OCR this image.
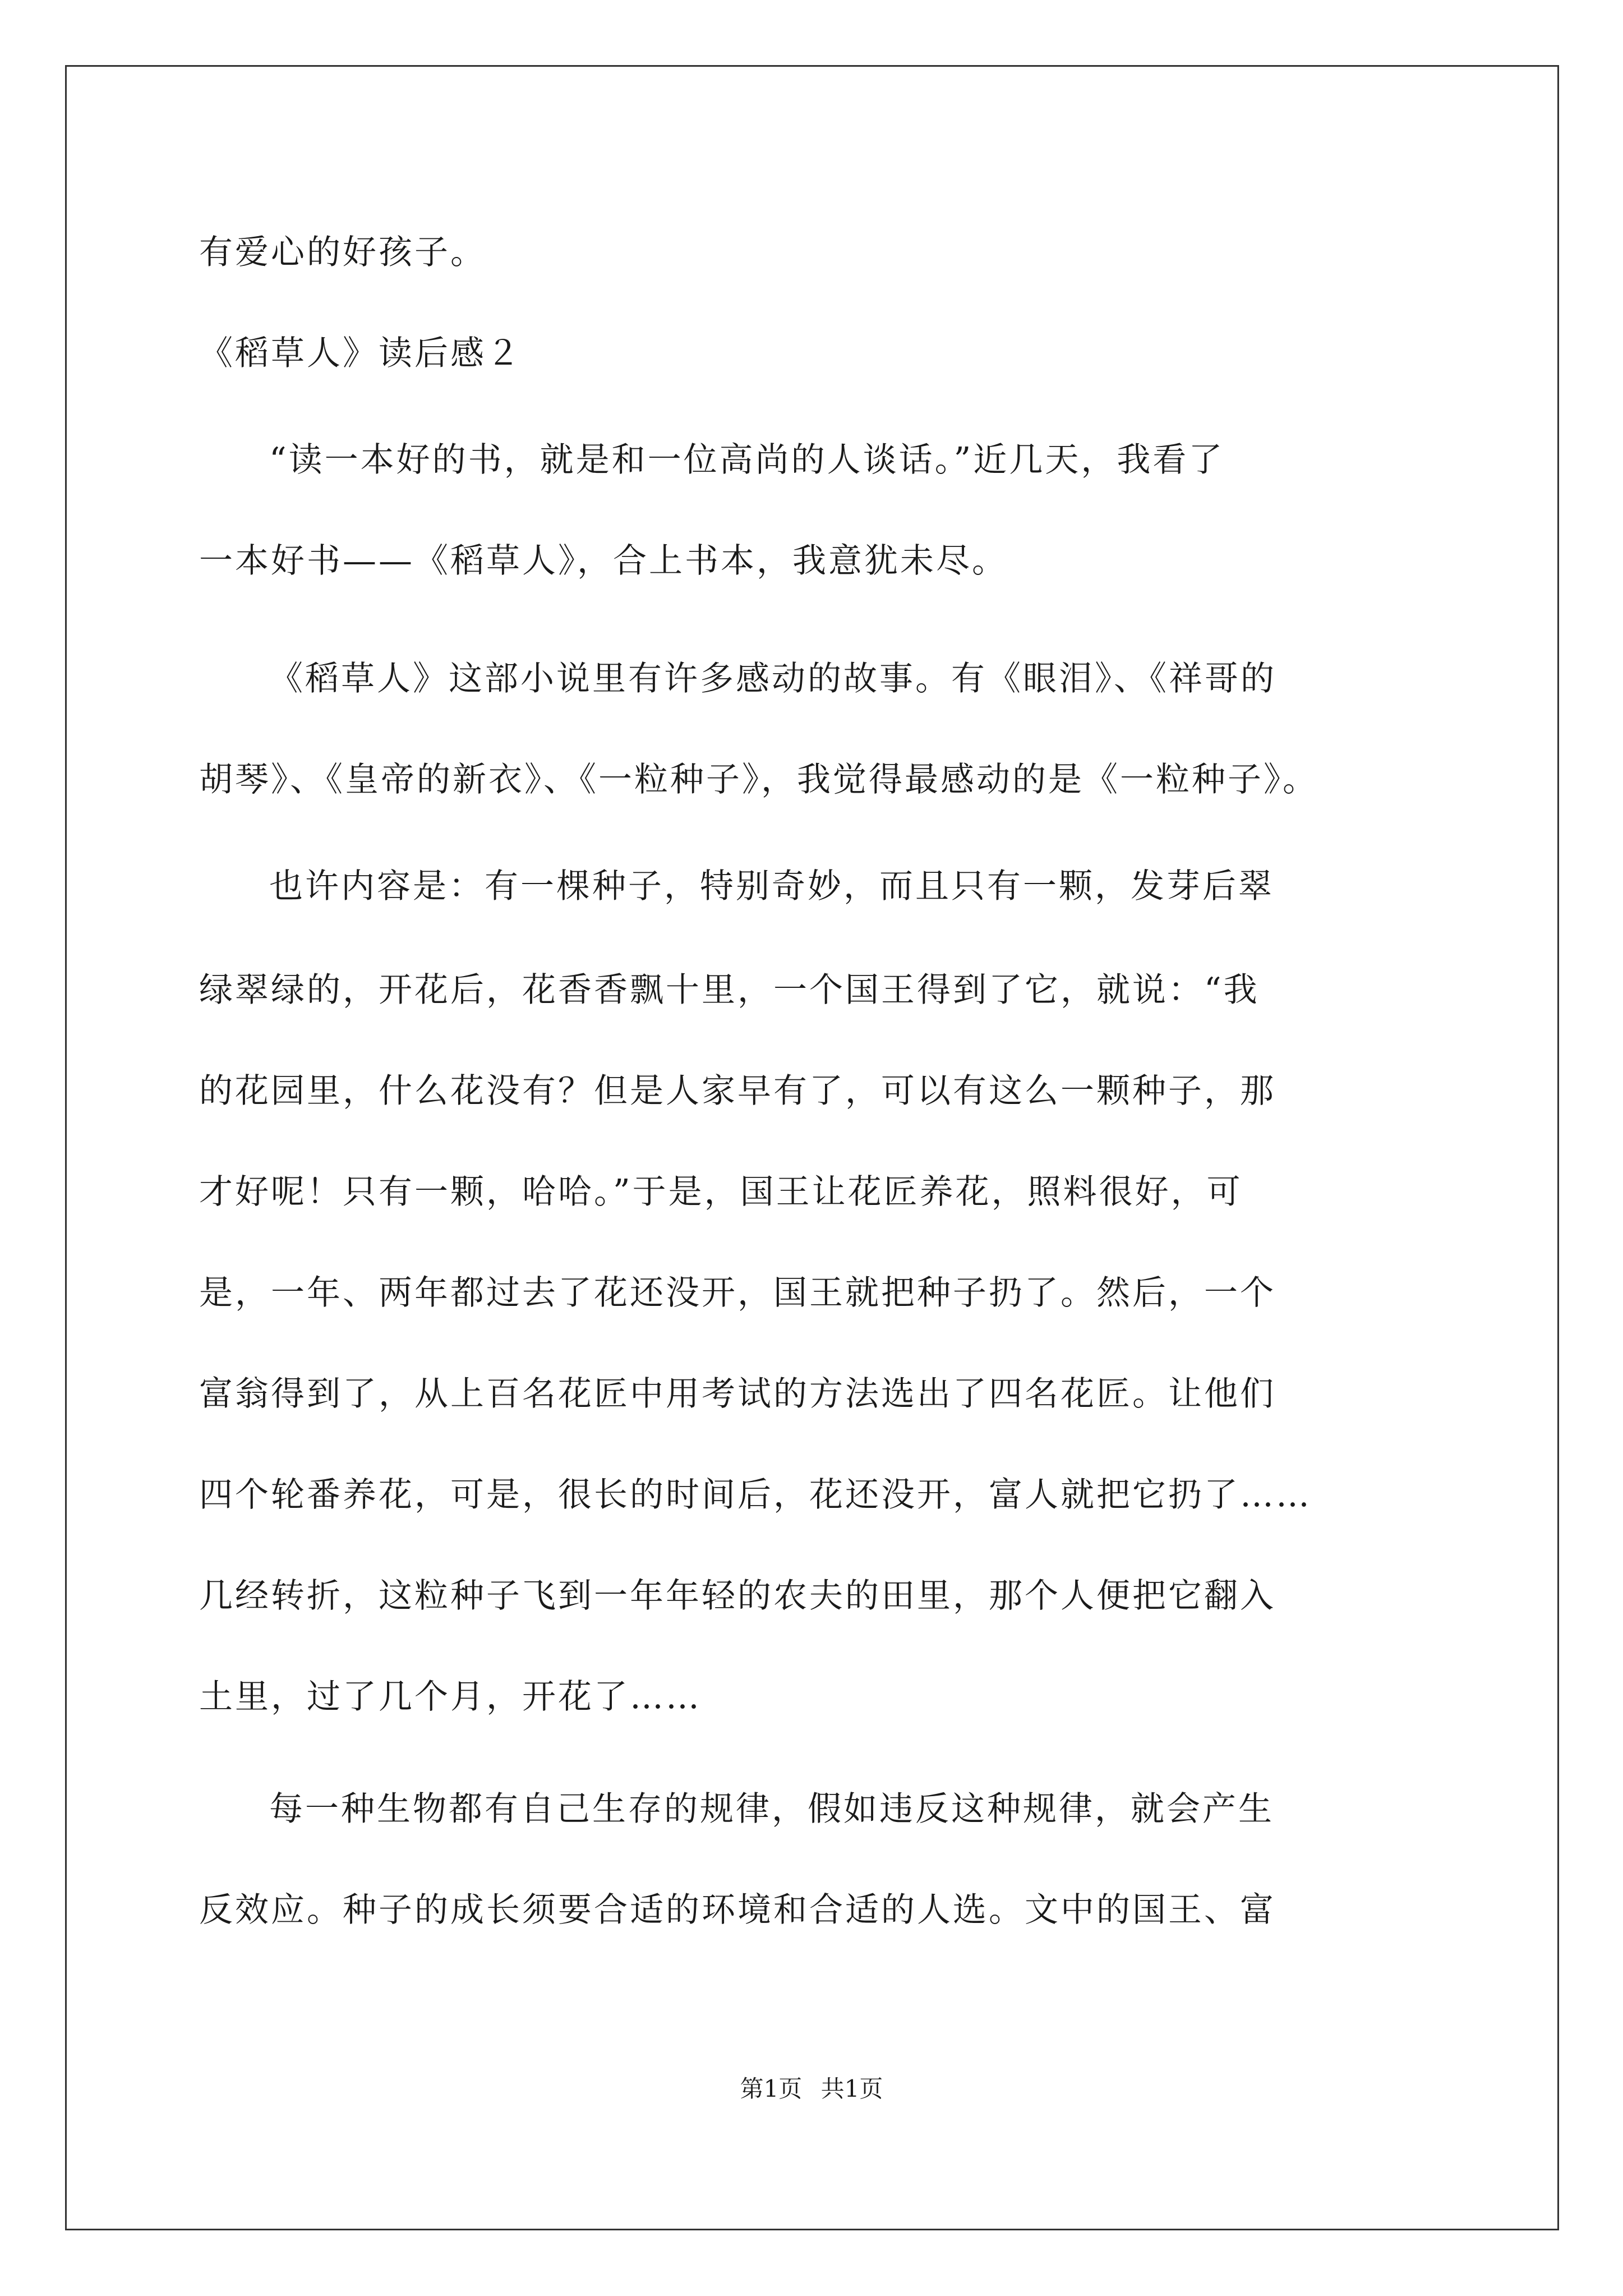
有爱心的好孩子。
《稻草人》读后感２
“读一本好的书，就是和一位高尚的人谈话。”近几天，我看了
一本好书——《稻草人》，合上书本，我意犹未尽。
《稻草人》这部小说里有许多感动的故事。有《眼泪》、《祥哥的
胡琴》、《皇帝的新衣》、《一粒种子》，我觉得最感动的是《一粒种子》。
也许内容是：有一棵种子，特别奇妙，而且只有一颗，发芽后翠
绿翠绿的，开花后，花香香飘十里，一个国王得到了它，就说：“我
的花园里，什么花没有？但是人家早有了，可以有这么一颗种子，那
才好呢！只有一颗，哈哈。”于是，国王让花匠养花，照料很好，可
是，一年、两年都过去了花还没开，国王就把种子扔了。然后，一个
富翁得到了，从上百名花匠中用考试的方法选出了四名花匠。让他们
四个轮番养花，可是，很长的时间后，花还没开，富人就把它扔了……
几经转折，这粒种子飞到一年年轻的农夫的田里，那个人便把它翻入
土里，过了几个月，开花了……
每一种生物都有自己生存的规律，假如违反这种规律，就会产生
反效应。种子的成长须要合适的环境和合适的人选。文中的国王、富
第1页 共1页
